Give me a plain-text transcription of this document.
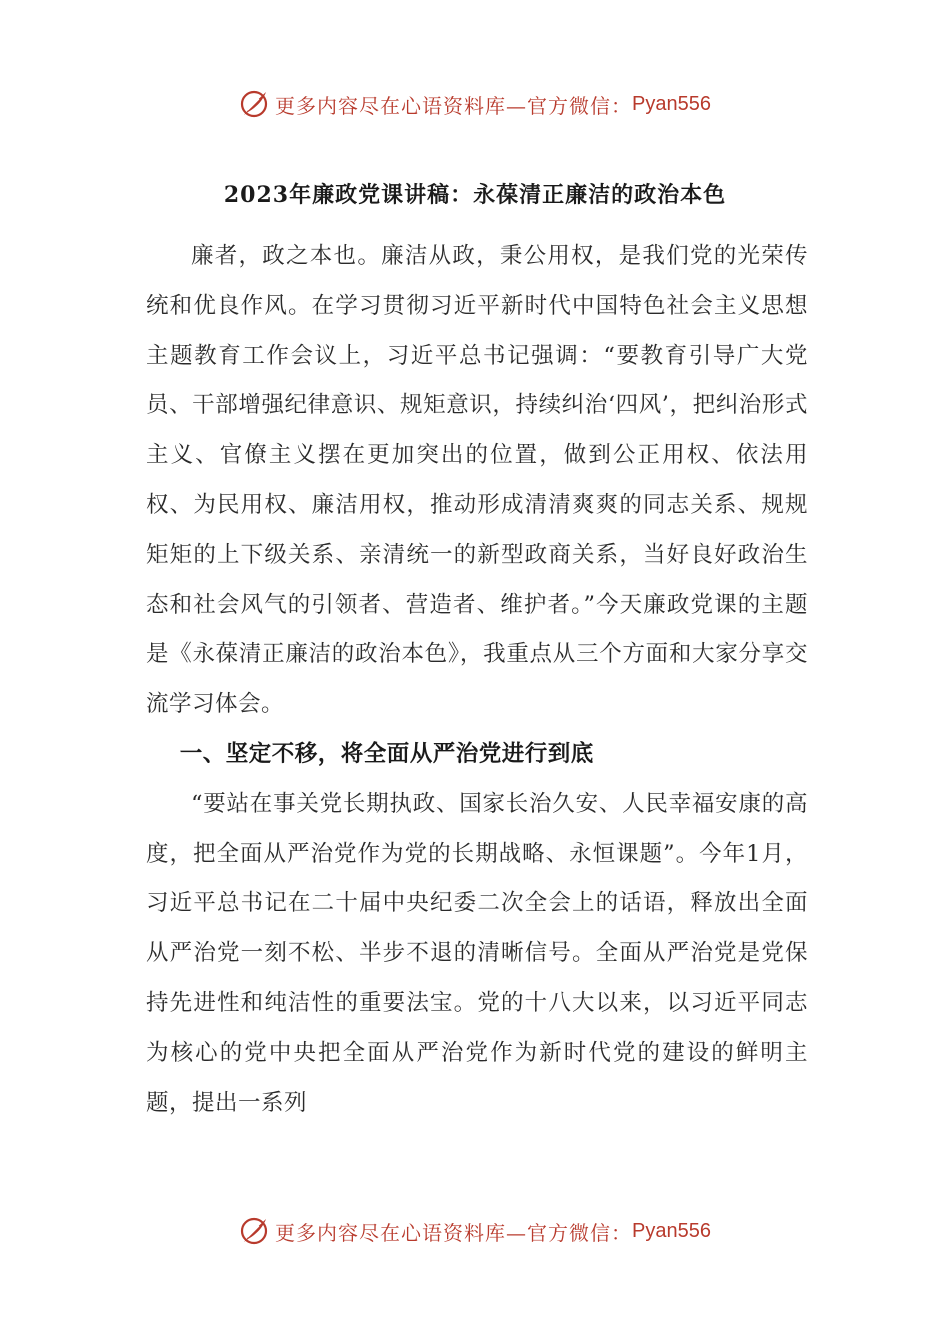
更多内容尽在心语资料库—官方微信： Pyan556
2023年廉政党课讲稿：永葆清正廉洁的政治本色

廉者，政之本也。廉洁从政，秉公用权，是我们党的光荣传统和优良作风。在学习贯彻习近平新时代中国特色社会主义思想主题教育工作会议上，习近平总书记强调：“要教育引导广大党员、干部增强纪律意识、规矩意识，持续纠治‘四风’，把纠治形式主义、官僚主义摆在更加突出的位置，做到公正用权、依法用权、为民用权、廉洁用权，推动形成清清爽爽的同志关系、规规矩矩的上下级关系、亲清统一的新型政商关系，当好良好政治生态和社会风气的引领者、营造者、维护者。”今天廉政党课的主题是《永葆清正廉洁的政治本色》，我重点从三个方面和大家分享交流学习体会。

一、坚定不移，将全面从严治党进行到底

“要站在事关党长期执政、国家长治久安、人民幸福安康的高度，把全面从严治党作为党的长期战略、永恒课题”。今年1月，习近平总书记在二十届中央纪委二次全会上的话语，释放出全面从严治党一刻不松、半步不退的清晰信号。全面从严治党是党保持先进性和纯洁性的重要法宝。党的十八大以来，以习近平同志为核心的党中央把全面从严治党作为新时代党的建设的鲜明主题，提出一系列

更多内容尽在心语资料库—官方微信： Pyan556
